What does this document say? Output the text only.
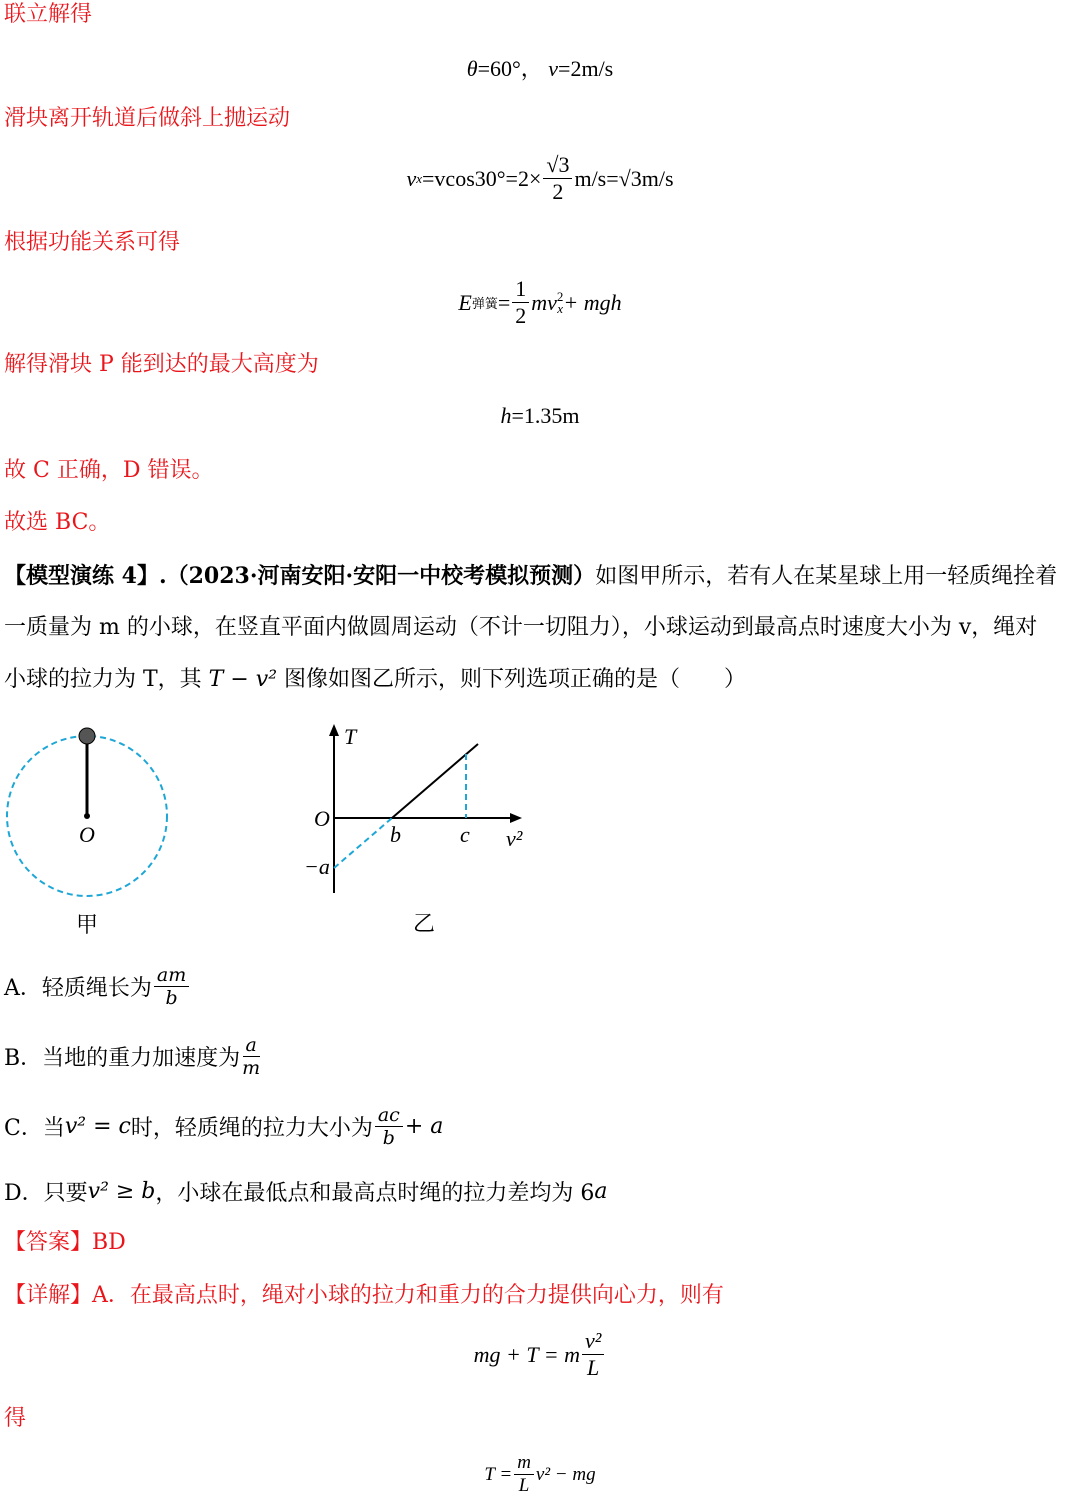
联立解得
θ=60°， v=2m/s
滑块离开轨道后做斜上抛运动
v $x =vcos30^\circ=2\times \frac{√3}{2} m/s=√3m/s$
根据功能关系可得
E 弹簧 = $\frac{1}{2}$ mv 2
x + mgh
解得滑块 P 能到达的最大高度为
h=1.35m
故 C 正确，D 错误。
故选 BC。
【模型演练 4】.（2023·河南安阳·安阳一中校考模拟预测）如图甲所示，若有人在某星球上用一轻质绳拴着
一质量为 m 的小球，在竖直平面内做圆周运动（不计一切阻力），小球运动到最高点时速度大小为 v，绳对
小球的拉力为 T，其 T − v² 图像如图乙所示，则下列选项正确的是（　　）
O
甲
T
O
b	c v²
−a
乙
A．轻质绳长为 $\frac{am}{b}$
B．当地的重力加速度为 $\frac{a}{m}$
C．当 v² = c 时，轻质绳的拉力大小为 $\frac{ac}{b} + a$
D．只要 v² ≥ b ，小球在最低点和最高点时绳的拉力差均为 6 a
【答案】BD
【详解】A．在最高点时，绳对小球的拉力和重力的合力提供向心力，则有
mg + T = m $\frac{\text{v²}}{L}$
得
$T = \frac{m}{L} v^2$ − mg
